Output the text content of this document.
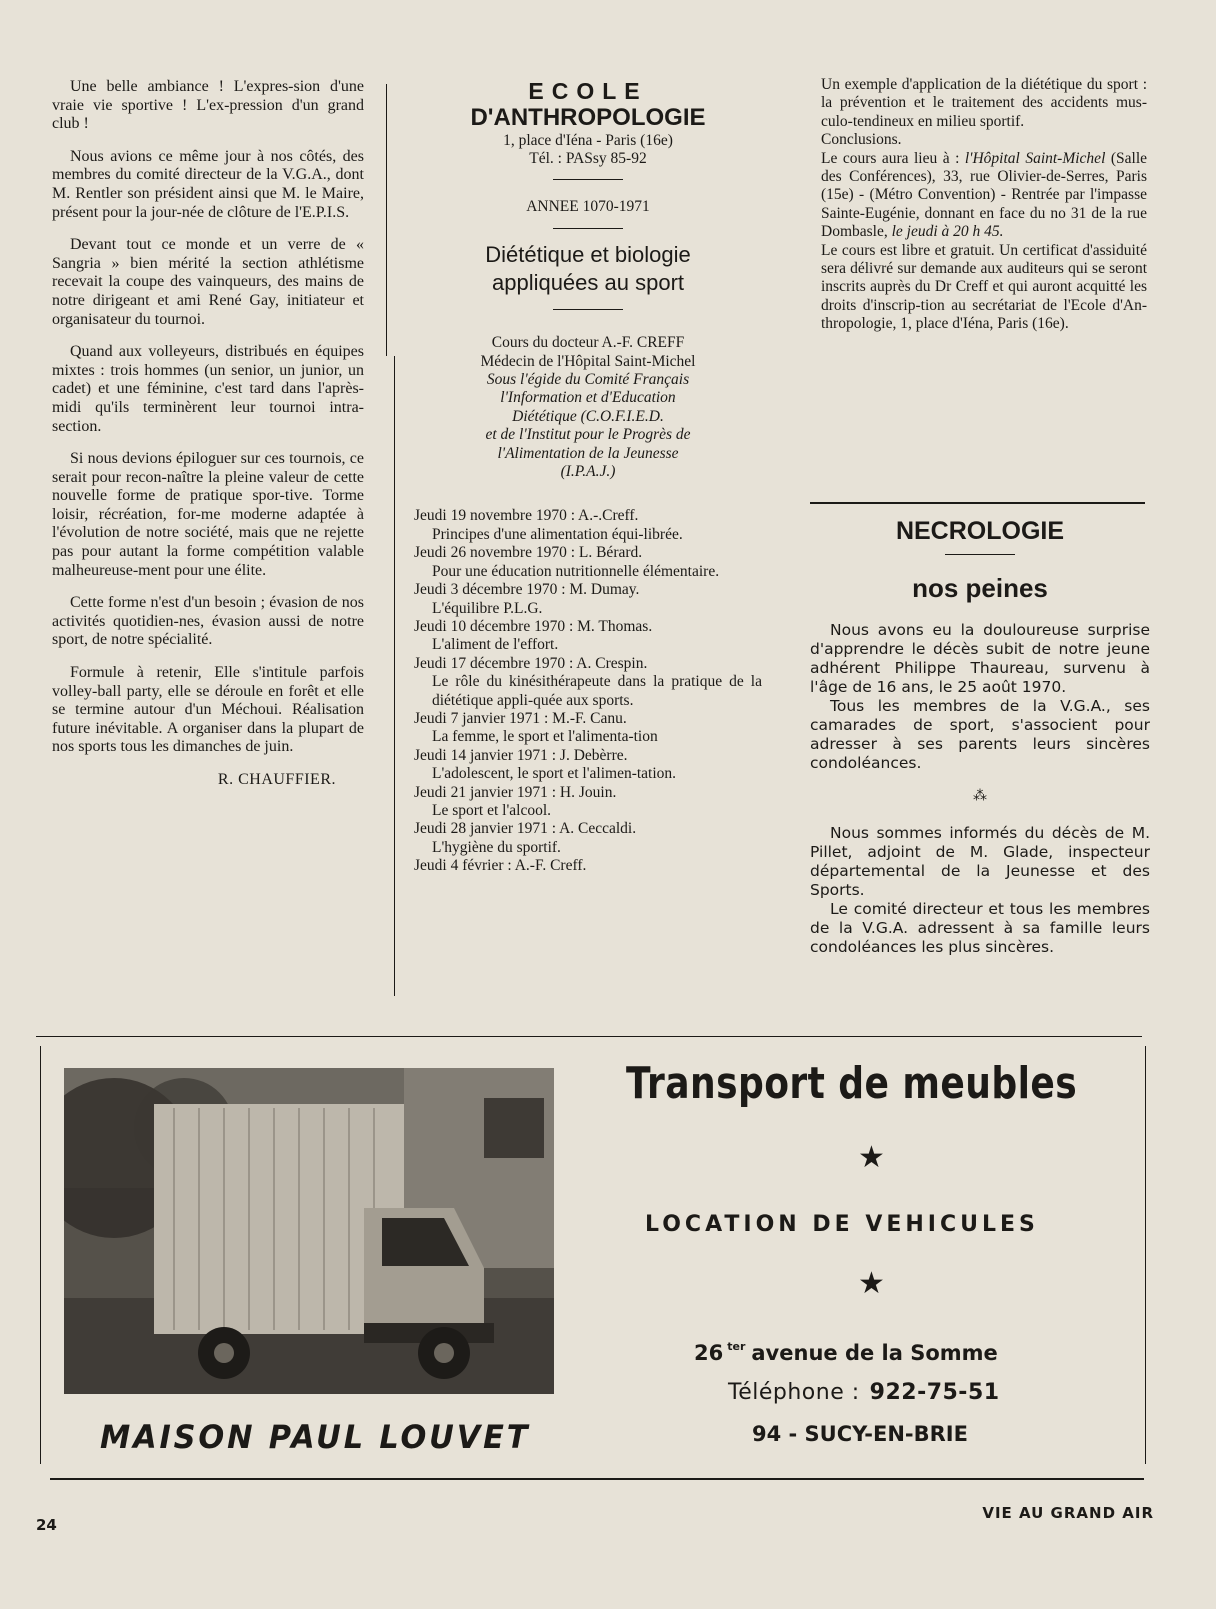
Une belle ambiance ! L'expres-sion d'une vraie vie sportive ! L'ex-pression d'un grand club !

Nous avions ce même jour à nos côtés, des membres du comité directeur de la V.G.A., dont M. Rentler son président ainsi que M. le Maire, présent pour la jour-née de clôture de l'E.P.I.S.

Devant tout ce monde et un verre de « Sangria » bien mérité la section athlétisme recevait la coupe des vainqueurs, des mains de notre dirigeant et ami René Gay, initiateur et organisateur du tournoi.

Quand aux volleyeurs, distribués en équipes mixtes : trois hommes (un senior, un junior, un cadet) et une féminine, c'est tard dans l'après-midi qu'ils terminèrent leur tournoi intra-section.

Si nous devions épiloguer sur ces tournois, ce serait pour recon-naître la pleine valeur de cette nouvelle forme de pratique spor-tive. Torme loisir, récréation, for-me moderne adaptée à l'évolution de notre société, mais que ne rejette pas pour autant la forme compétition valable malheureuse-ment pour une élite.

Cette forme n'est d'un besoin ; évasion de nos activités quotidien-nes, évasion aussi de notre sport, de notre spécialité.

Formule à retenir, Elle s'intitule parfois volley-ball party, elle se déroule en forêt et elle se termine autour d'un Méchoui. Réalisation future inévitable. A organiser dans la plupart de nos sports tous les dimanches de juin.

R. CHAUFFIER.
ECOLE
D'ANTHROPOLOGIE
1, place d'Iéna - Paris (16e)
Tél. : PASsy 85-92
ANNEE 1070-1971
Diététique et biologie
appliquées au sport
Cours du docteur A.-F. CREFF
Médecin de l'Hôpital Saint-Michel
Sous l'égide du Comité Français
l'Information et d'Education
Diététique (C.O.F.I.E.D.
et de l'Institut pour le Progrès de
l'Alimentation de la Jeunesse
(I.P.A.J.)
Jeudi 19 novembre 1970 : A.-.Creff.
Principes d'une alimentation équi-librée.
Jeudi 26 novembre 1970 : L. Bérard.
Pour une éducation nutritionnelle élémentaire.
Jeudi 3 décembre 1970 : M. Dumay.
L'équilibre P.L.G.
Jeudi 10 décembre 1970 : M. Thomas.
L'aliment de l'effort.
Jeudi 17 décembre 1970 : A. Crespin.
Le rôle du kinésithérapeute dans la pratique de la diététique appli-quée aux sports.
Jeudi 7 janvier 1971 : M.-F. Canu.
La femme, le sport et l'alimenta-tion
Jeudi 14 janvier 1971 : J. Debèrre.
L'adolescent, le sport et l'alimen-tation.
Jeudi 21 janvier 1971 : H. Jouin.
Le sport et l'alcool.
Jeudi 28 janvier 1971 : A. Ceccaldi.
L'hygiène du sportif.
Jeudi 4 février : A.-F. Creff.
Un exemple d'application de la diététique du sport : la prévention et le traitement des accidents mus-culo-tendineux en milieu sportif.
Conclusions.
Le cours aura lieu à : l'Hôpital Saint-Michel (Salle des Conférences), 33, rue Olivier-de-Serres, Paris (15e) - (Métro Convention) - Rentrée par l'impasse Sainte-Eugénie, donnant en face du no 31 de la rue Dombasle, le jeudi à 20 h 45.
Le cours est libre et gratuit. Un certificat d'assiduité sera délivré sur demande aux auditeurs qui se seront inscrits auprès du Dr Creff et qui auront acquitté les droits d'inscrip-tion au secrétariat de l'Ecole d'An-thropologie, 1, place d'Iéna, Paris (16e).
NECROLOGIE
nos peines

Nous avons eu la douloureuse surprise d'apprendre le décès subit de notre jeune adhérent Philippe Thaureau, survenu à l'âge de 16 ans, le 25 août 1970.

Tous les membres de la V.G.A., ses camarades de sport, s'associent pour adresser à ses parents leurs sincères condoléances.

⁂

Nous sommes informés du décès de M. Pillet, adjoint de M. Glade, inspecteur départemental de la Jeunesse et des Sports.

Le comité directeur et tous les membres de la V.G.A. adressent à sa famille leurs condoléances les plus sincères.

MAISON PAUL LOUVET
Transport de meubles
★
LOCATION DE VEHICULES
★
26 $^{ter}$ avenue de la Somme
Téléphone : 922-75-51
94 - SUCY-EN-BRIE
24
VIE AU GRAND AIR
